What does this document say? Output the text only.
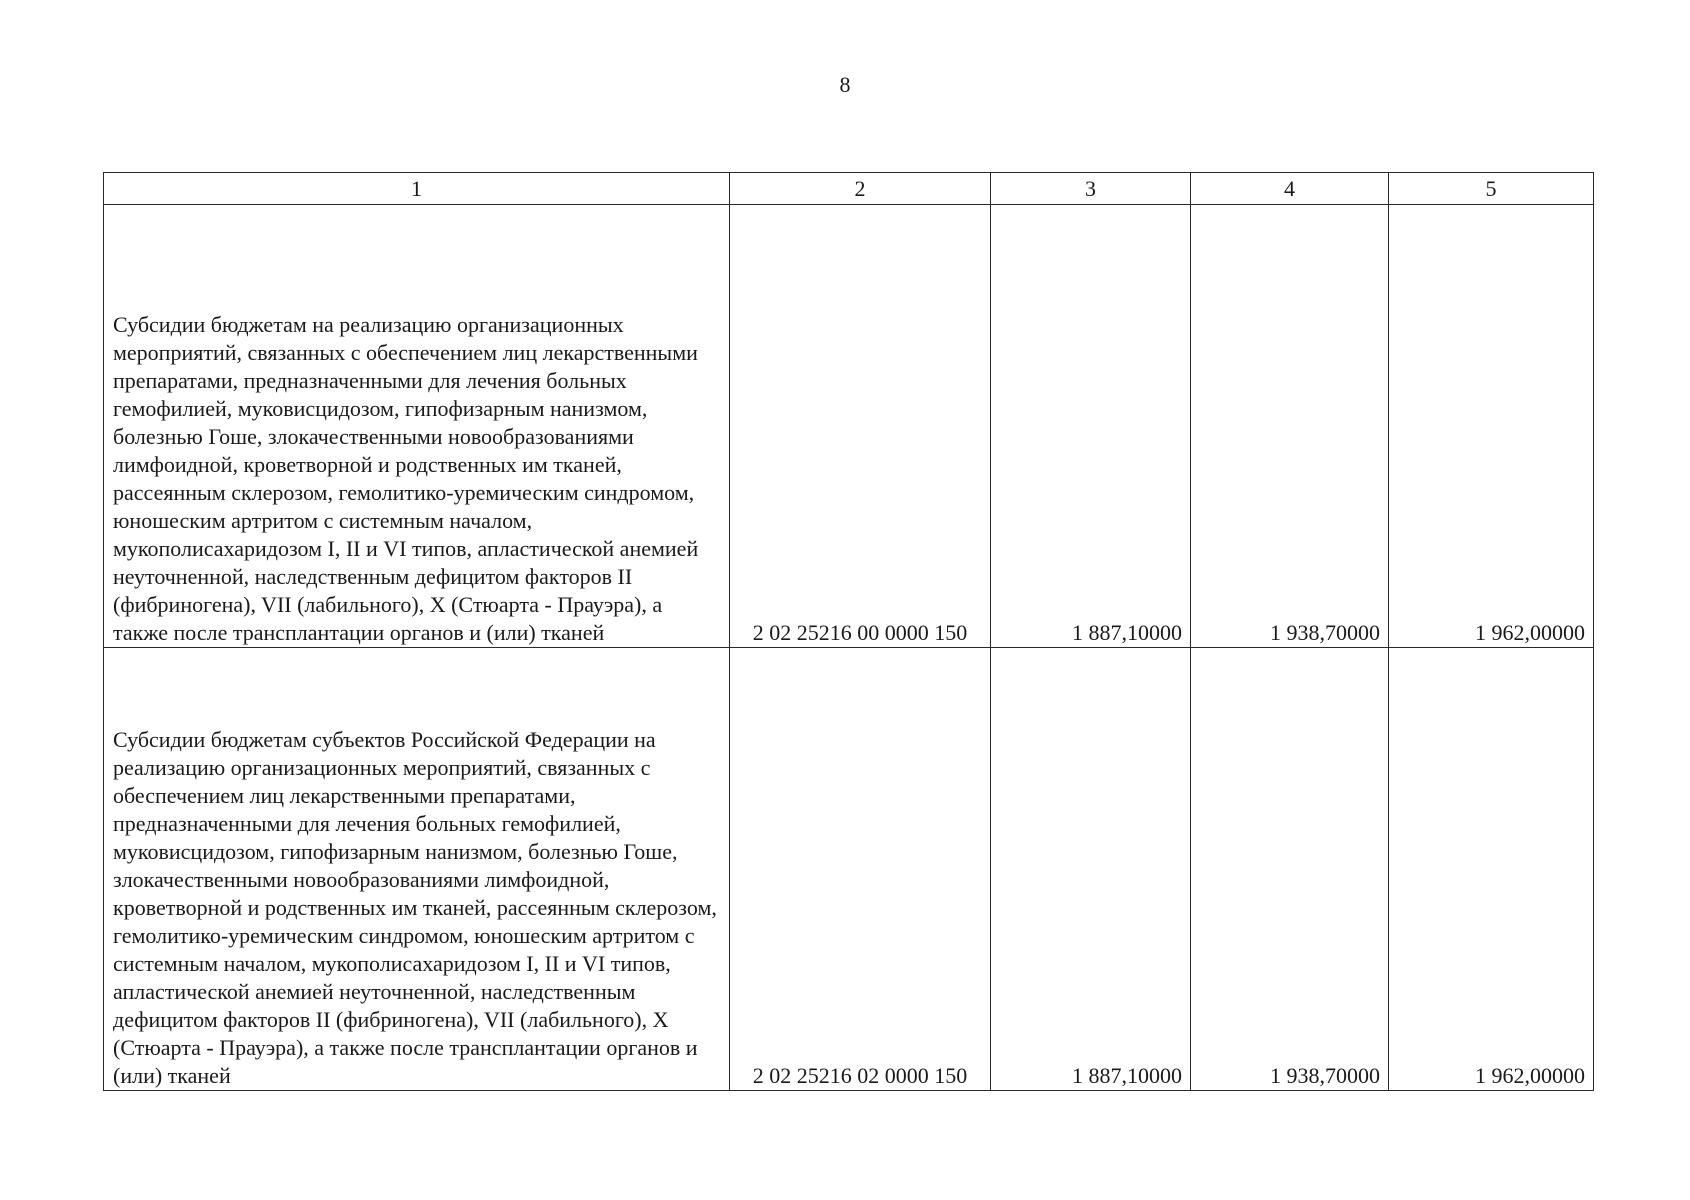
8
1	2	3	4	5
Субсидии бюджетам на реализацию организационных мероприятий, связанных с обеспечением лиц лекарственными препаратами, предназначенными для лечения больных гемофилией, муковисцидозом, гипофизарным нанизмом, болезнью Гоше, злокачественными новообразованиями лимфоидной, кроветворной и родственных им тканей, рассеянным склерозом, гемолитико-уремическим синдромом, юношеским артритом с системным началом, мукополисахаридозом I, II и VI типов, апластической анемией неуточненной, наследственным дефицитом факторов II (фибриногена), VII (лабильного), X (Стюарта - Прауэра), а также после трансплантации органов и (или) тканей	2 02 25216 00 0000 150	1 887,10000	1 938,70000	1 962,00000
Субсидии бюджетам субъектов Российской Федерации на реализацию организационных мероприятий, связанных с обеспечением лиц лекарственными препаратами, предназначенными для лечения больных гемофилией, муковисцидозом, гипофизарным нанизмом, болезнью Гоше, злокачественными новообразованиями лимфоидной, кроветворной и родственных им тканей, рассеянным склерозом, гемолитико-уремическим синдромом, юношеским артритом с системным началом, мукополисахаридозом I, II и VI типов, апластической анемией неуточненной, наследственным дефицитом факторов II (фибриногена), VII (лабильного), X (Стюарта - Прауэра), а также после трансплантации органов и (или) тканей	2 02 25216 02 0000 150	1 887,10000	1 938,70000	1 962,00000
